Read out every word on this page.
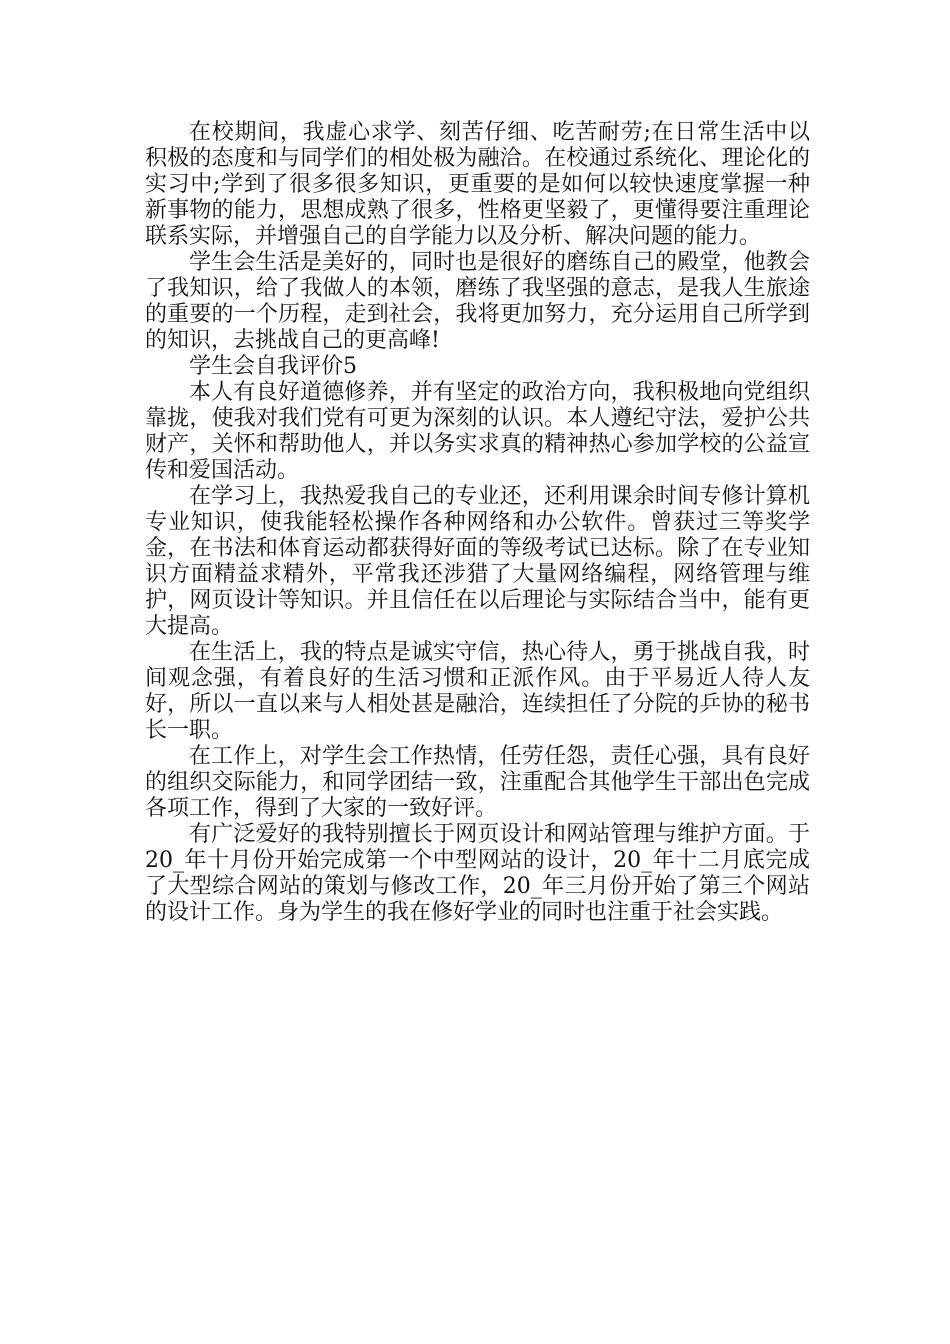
在校期间，我虚心求学、刻苦仔细、吃苦耐劳;在日常生活中以积极的态度和与同学们的相处极为融洽。在校通过系统化、理论化的实习中;学到了很多很多知识，更重要的是如何以较快速度掌握一种新事物的能力，思想成熟了很多，性格更坚毅了，更懂得要注重理论联系实际，并增强自己的自学能力以及分析、解决问题的能力。

学生会生活是美好的，同时也是很好的磨练自己的殿堂，他教会了我知识，给了我做人的本领，磨练了我坚强的意志，是我人生旅途的重要的一个历程，走到社会，我将更加努力，充分运用自己所学到的知识，去挑战自己的更高峰!

学生会自我评价5

本人有良好道德修养，并有坚定的政治方向，我积极地向党组织靠拢，使我对我们党有可更为深刻的认识。本人遵纪守法，爱护公共财产，关怀和帮助他人，并以务实求真的精神热心参加学校的公益宣传和爱国活动。

在学习上，我热爱我自己的专业还，还利用课余时间专修计算机专业知识，使我能轻松操作各种网络和办公软件。曾获过三等奖学金，在书法和体育运动都获得好面的等级考试已达标。除了在专业知识方面精益求精外，平常我还涉猎了大量网络编程，网络管理与维护，网页设计等知识。并且信任在以后理论与实际结合当中，能有更大提高。

在生活上，我的特点是诚实守信，热心待人，勇于挑战自我，时间观念强，有着良好的生活习惯和正派作风。由于平易近人待人友好，所以一直以来与人相处甚是融洽，连续担任了分院的乒协的秘书长一职。

在工作上，对学生会工作热情，任劳任怨，责任心强，具有良好的组织交际能力，和同学团结一致，注重配合其他学生干部出色完成各项工作，得到了大家的一致好评。

有广泛爱好的我特别擅长于网页设计和网站管理与维护方面。于20_年十月份开始完成第一个中型网站的设计，20_年十二月底完成了大型综合网站的策划与修改工作，20_年三月份开始了第三个网站的设计工作。身为学生的我在修好学业的同时也注重于社会实践。
